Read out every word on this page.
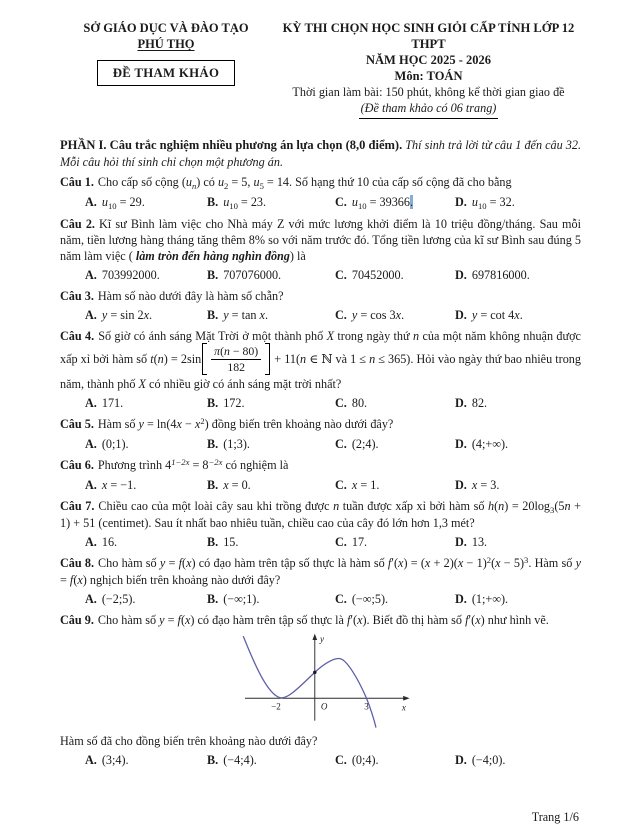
SỞ GIÁO DỤC VÀ ĐÀO TẠO
PHÚ THỌ
ĐỀ THAM KHẢO
KỲ THI CHỌN HỌC SINH GIỎI CẤP TỈNH LỚP 12 THPT
NĂM HỌC 2025 - 2026
Môn: TOÁN
Thời gian làm bài: 150 phút, không kể thời gian giao đề
(Đề tham khảo có 06 trang)

PHẦN I. Câu trắc nghiệm nhiều phương án lựa chọn (8,0 điểm). Thí sinh trả lời từ câu 1 đến câu 32. Mỗi câu hỏi thí sinh chỉ chọn một phương án.

Câu 1. Cho cấp số cộng $(u_n)$ có $u_2 = 5$, $u_5 = 14$. Số hạng thứ 10 của cấp số cộng đã cho bằng

A. $u_{10} = 29$.	B. $u_{10} = 23$.	C. $u_{10} = 39366$.	D. $u_{10} = 32$.

Câu 2. Kĩ sư Bình làm việc cho Nhà máy Z với mức lương khởi điểm là 10 triệu đồng/tháng. Sau mỗi năm, tiền lương hàng tháng tăng thêm 8% so với năm trước đó. Tổng tiền lương của kĩ sư Bình sau đúng 5 năm làm việc ( làm tròn đến hàng nghìn đồng) là

A. 703992000.	B. 707076000.	C. 70452000.	D. 697816000.

Câu 3. Hàm số nào dưới đây là hàm số chẵn?

A. y = sin 2x.	B. y = tan x.	C. y = cos 3x.	D. y = cot 4x.

Câu 4. Số giờ có ánh sáng Mặt Trời ở một thành phố X trong ngày thứ n của một năm không nhuận được xấp xỉ bởi hàm số $t(n) = 2\sin \frac{\pi(n - 80)}{182} + 11(n$ ∈ ℕ và 1 ≤ n ≤ 365). Hỏi vào ngày thứ bao nhiêu trong năm, thành phố X có nhiều giờ có ánh sáng mặt trời nhất?

A. 171.	B. 172.	C. 80.	D. 82.

Câu 5. Hàm số $y = \ln(4x - x^2)$ đồng biến trên khoảng nào dưới đây?

A. (0;1).	B. (1;3).	C. (2;4).	D. (4;+∞).

Câu 6. Phương trình $4^{1-2x} = 8^{-2x}$ có nghiệm là

A. x = −1.	B. x = 0.	C. x = 1.	D. x = 3.

Câu 7. Chiều cao của một loài cây sau khi trồng được n tuần được xấp xỉ bởi hàm số $h(n) = 20\log_3(5n + 1) + 51$ (centimet). Sau ít nhất bao nhiêu tuần, chiều cao của cây đó lớn hơn 1,3 mét?

A. 16.	B. 15.	C. 17.	D. 13.

Câu 8. Cho hàm số y = f(x) có đạo hàm trên tập số thực là hàm số $f'(x) = (x + 2)(x - 1)^2(x - 5)^3$. Hàm số y = f(x) nghịch biến trên khoảng nào dưới đây?

A. (−2;5).	B. (−∞;1).	C. (−∞;5).	D. (1;+∞).

Câu 9. Cho hàm số y = f(x) có đạo hàm trên tập số thực là f′(x). Biết đồ thị hàm số f′(x) như hình vẽ.

y
x
O
−2	3

Hàm số đã cho đồng biến trên khoảng nào dưới đây?

A. (3;4).	B. (−4;4).	C. (0;4).	D. (−4;0).
Trang 1/6
